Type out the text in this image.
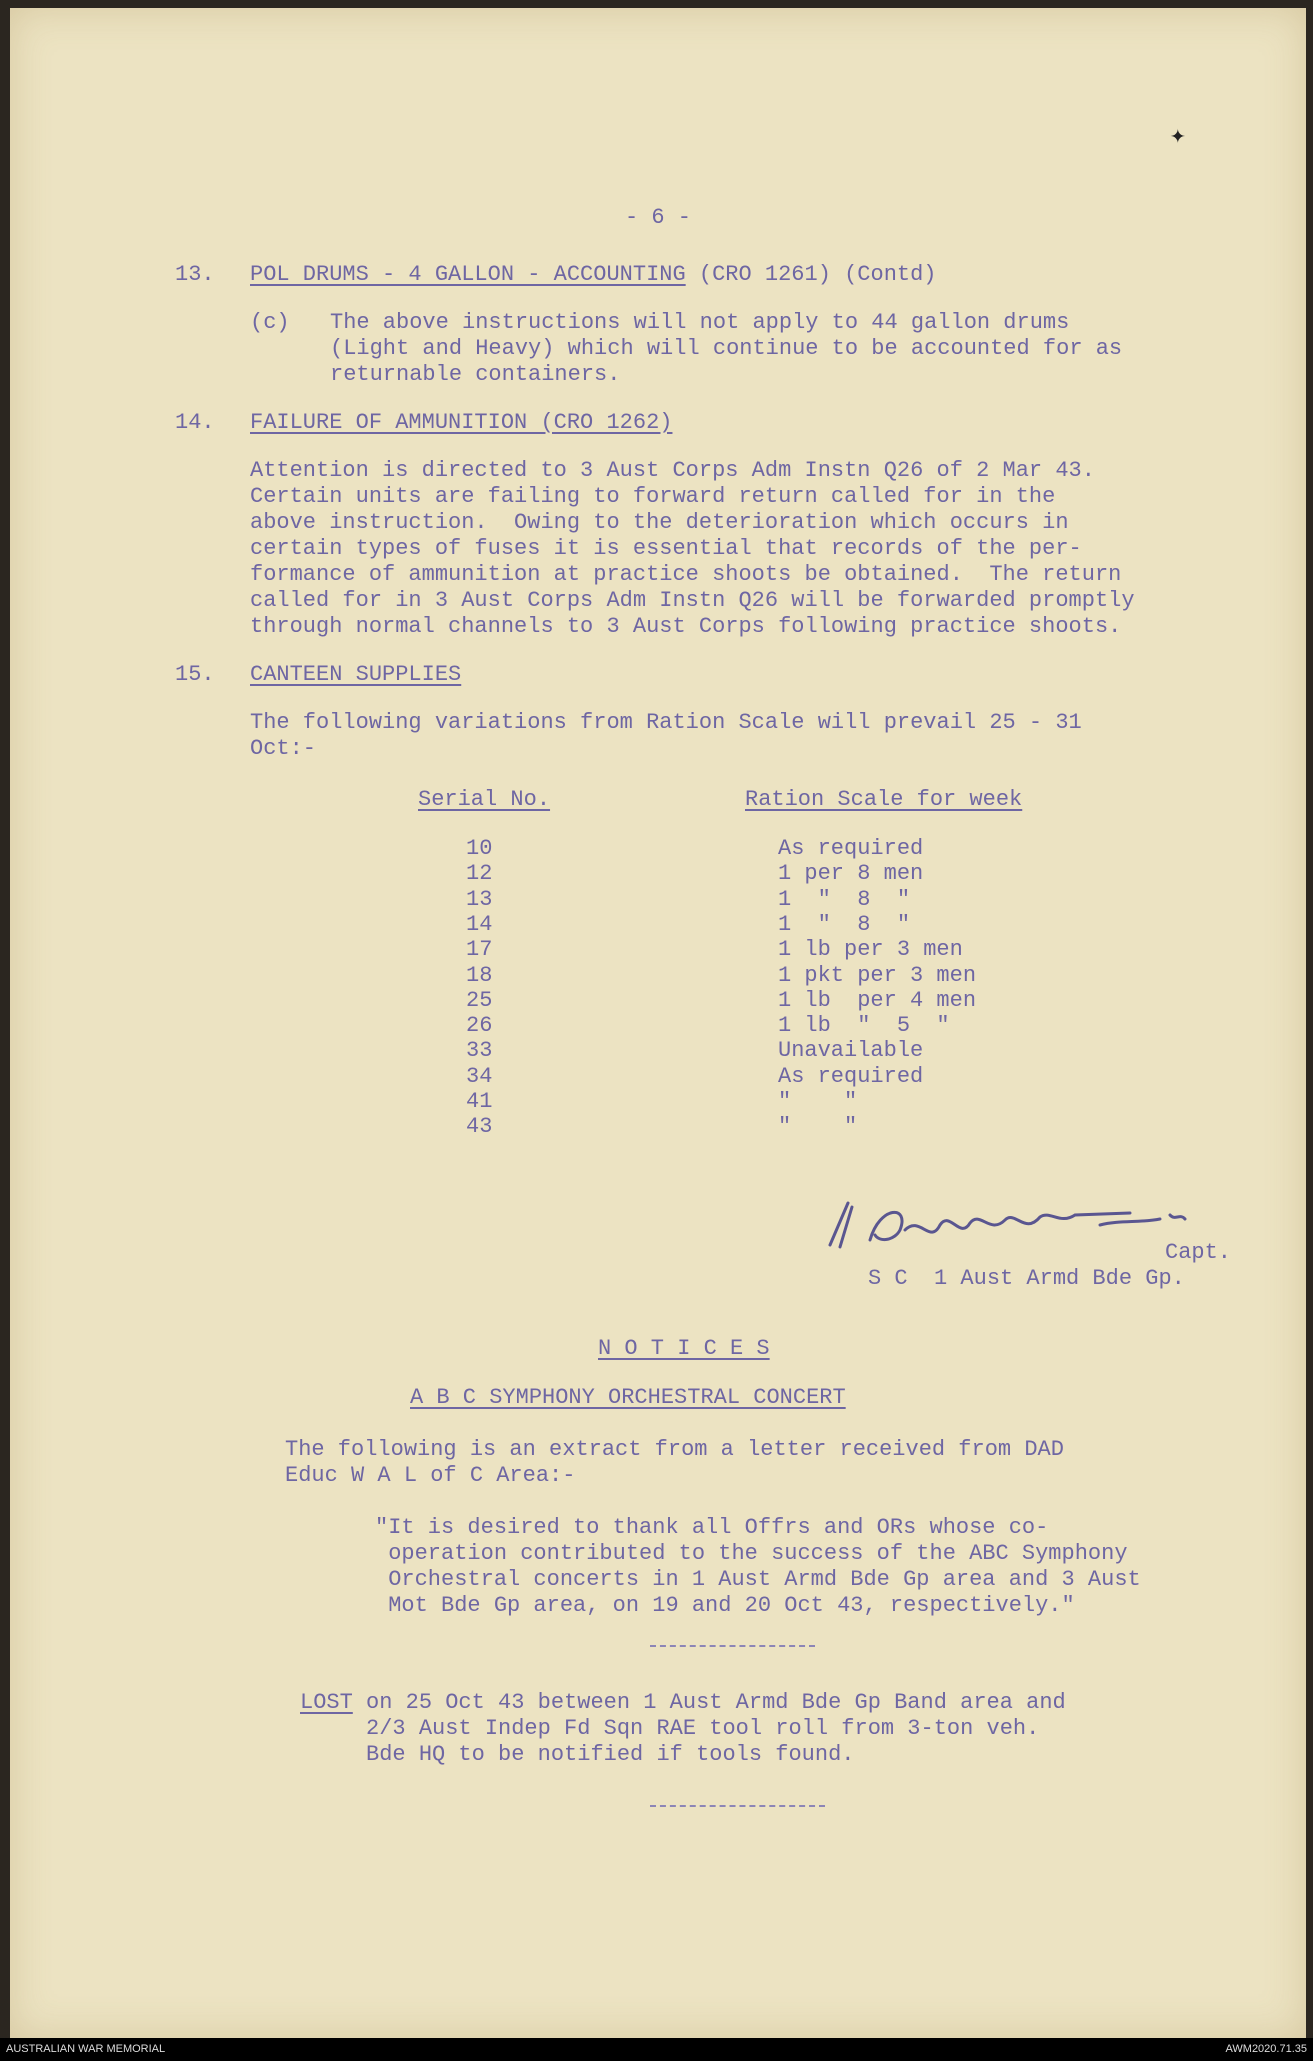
✦
- 6 -
13. POL DRUMS - 4 GALLON - ACCOUNTING (CRO 1261) (Contd)
(c) The above instructions will not apply to 44 gallon drums
(Light and Heavy) which will continue to be accounted for as
returnable containers.
14. FAILURE OF AMMUNITION (CRO 1262)
Attention is directed to 3 Aust Corps Adm Instn Q26 of 2 Mar 43.
Certain units are failing to forward return called for in the
above instruction.  Owing to the deterioration which occurs in
certain types of fuses it is essential that records of the per-
formance of ammunition at practice shoots be obtained.  The return
called for in 3 Aust Corps Adm Instn Q26 will be forwarded promptly
through normal channels to 3 Aust Corps following practice shoots.
15. CANTEEN SUPPLIES
The following variations from Ration Scale will prevail 25 - 31
Oct:-
Serial No.	Ration Scale for week
10	As required
12	1 per 8 men
13	1  "  8  "
14	1  "  8  "
17	1 lb per 3 men
18	1 pkt per 3 men
25	1 lb  per 4 men
26	1 lb  "  5  "
33	Unavailable
34	As required
41	"    "
43	"    "
Capt.
S C  1 Aust Armd Bde Gp.
N O T I C E S
A B C SYMPHONY ORCHESTRAL CONCERT
The following is an extract from a letter received from DAD
Educ W A L of C Area:-
"It is desired to thank all Offrs and ORs whose co-
operation contributed to the success of the ABC Symphony
Orchestral concerts in 1 Aust Armd Bde Gp area and 3 Aust
Mot Bde Gp area, on 19 and 20 Oct 43, respectively."
LOST on 25 Oct 43 between 1 Aust Armd Bde Gp Band area and
2/3 Aust Indep Fd Sqn RAE tool roll from 3-ton veh.
Bde HQ to be notified if tools found.
AUSTRALIAN WAR MEMORIAL	AWM2020.71.35
